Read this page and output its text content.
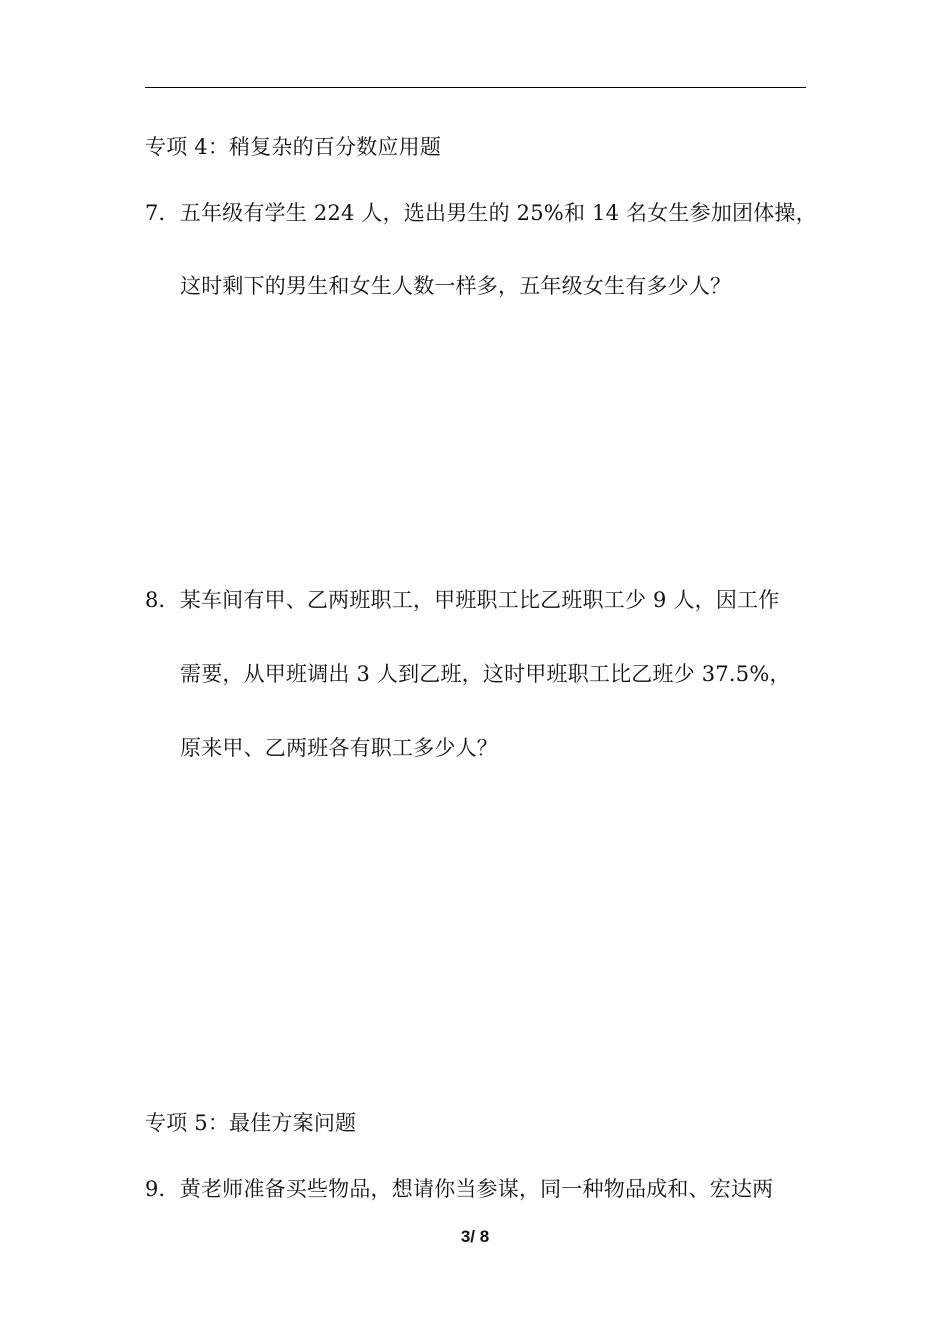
专项 4：稍复杂的百分数应用题
7．五年级有学生 224 人，选出男生的 25%和 14 名女生参加团体操，
这时剩下的男生和女生人数一样多，五年级女生有多少人？
8．某车间有甲、乙两班职工，甲班职工比乙班职工少 9 人，因工作
需要，从甲班调出 3 人到乙班，这时甲班职工比乙班少 37.5%，
原来甲、乙两班各有职工多少人？
专项 5：最佳方案问题
9．黄老师准备买些物品，想请你当参谋，同一种物品成和、宏达两
3/ 8
